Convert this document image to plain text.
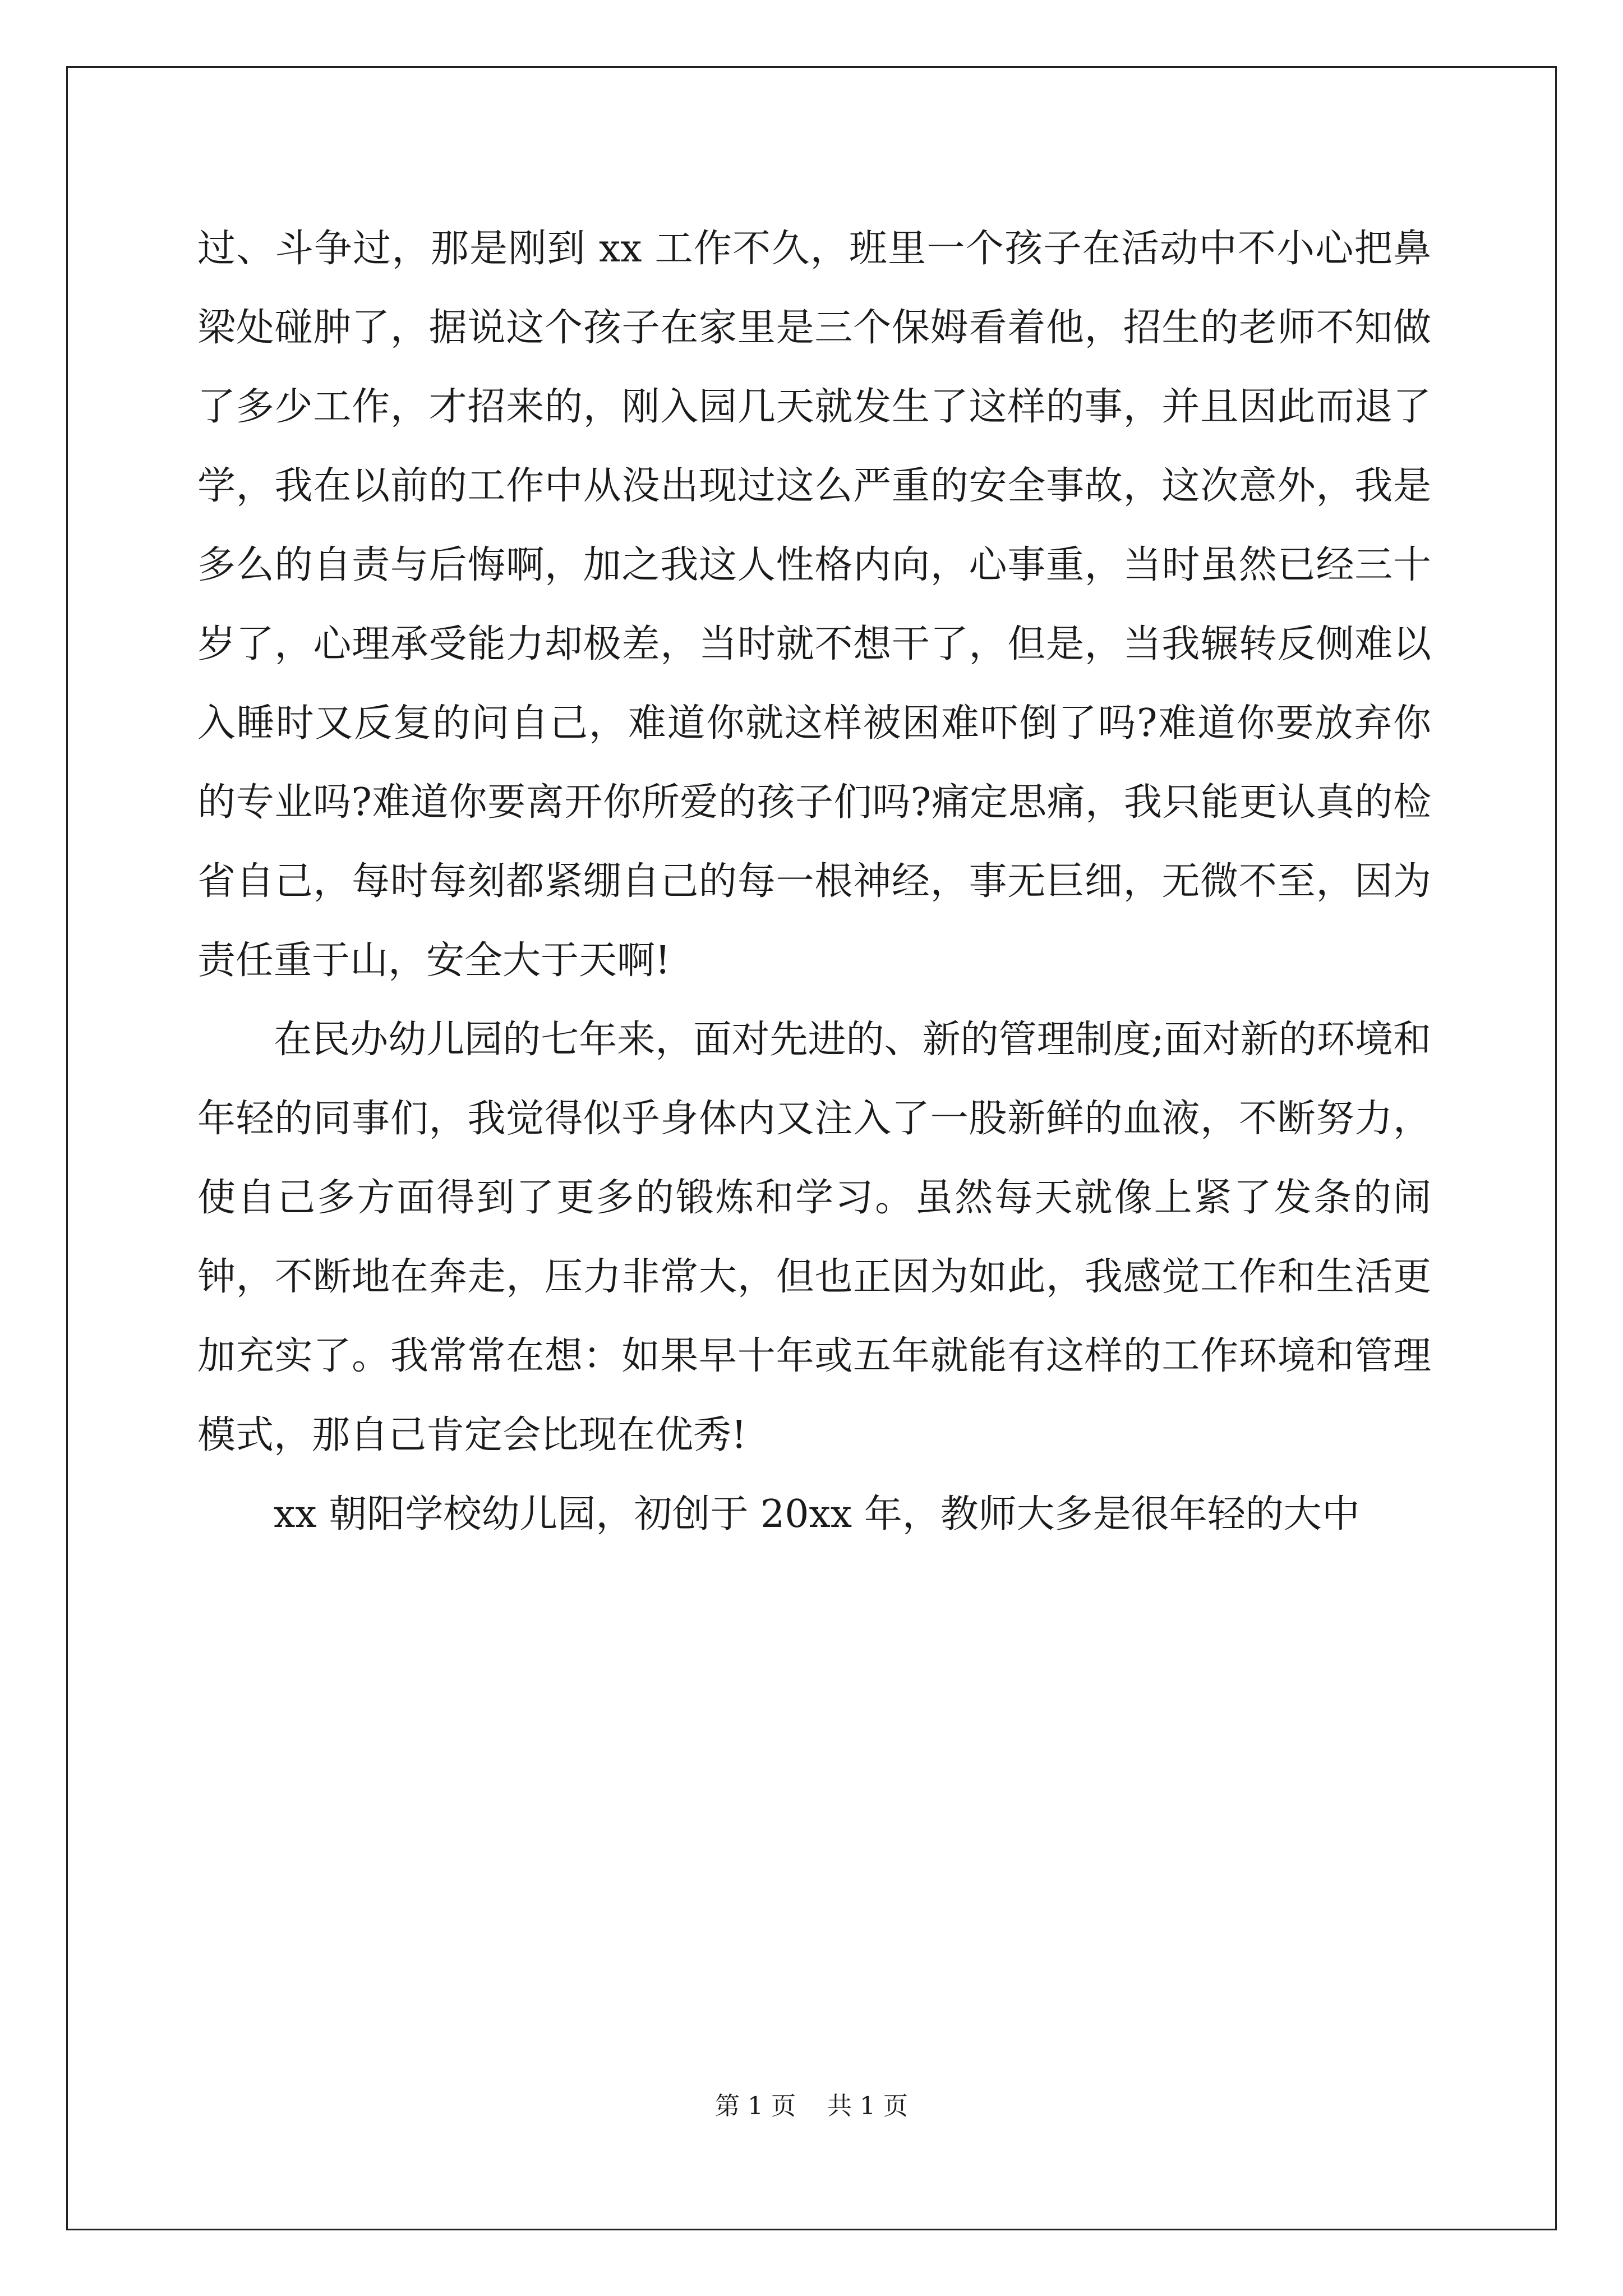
过、斗争过，那是刚到 xx 工作不久，班里一个孩子在活动中不小心把鼻梁处碰肿了，据说这个孩子在家里是三个保姆看着他，招生的老师不知做了多少工作，才招来的，刚入园几天就发生了这样的事，并且因此而退了学，我在以前的工作中从没出现过这么严重的安全事故，这次意外，我是多么的自责与后悔啊，加之我这人性格内向，心事重，当时虽然已经三十岁了，心理承受能力却极差，当时就不想干了，但是，当我辗转反侧难以入睡时又反复的问自己，难道你就这样被困难吓倒了吗?难道你要放弃你的专业吗?难道你要离开你所爱的孩子们吗?痛定思痛，我只能更认真的检省自己，每时每刻都紧绷自己的每一根神经，事无巨细，无微不至，因为责任重于山，安全大于天啊!

在民办幼儿园的七年来，面对先进的、新的管理制度;面对新的环境和年轻的同事们，我觉得似乎身体内又注入了一股新鲜的血液，不断努力，使自己多方面得到了更多的锻炼和学习。虽然每天就像上紧了发条的闹钟，不断地在奔走，压力非常大，但也正因为如此，我感觉工作和生活更加充实了。我常常在想：如果早十年或五年就能有这样的工作环境和管理模式，那自己肯定会比现在优秀!

xx 朝阳学校幼儿园，初创于 20xx 年，教师大多是很年轻的大中

第 1 页    共 1 页
